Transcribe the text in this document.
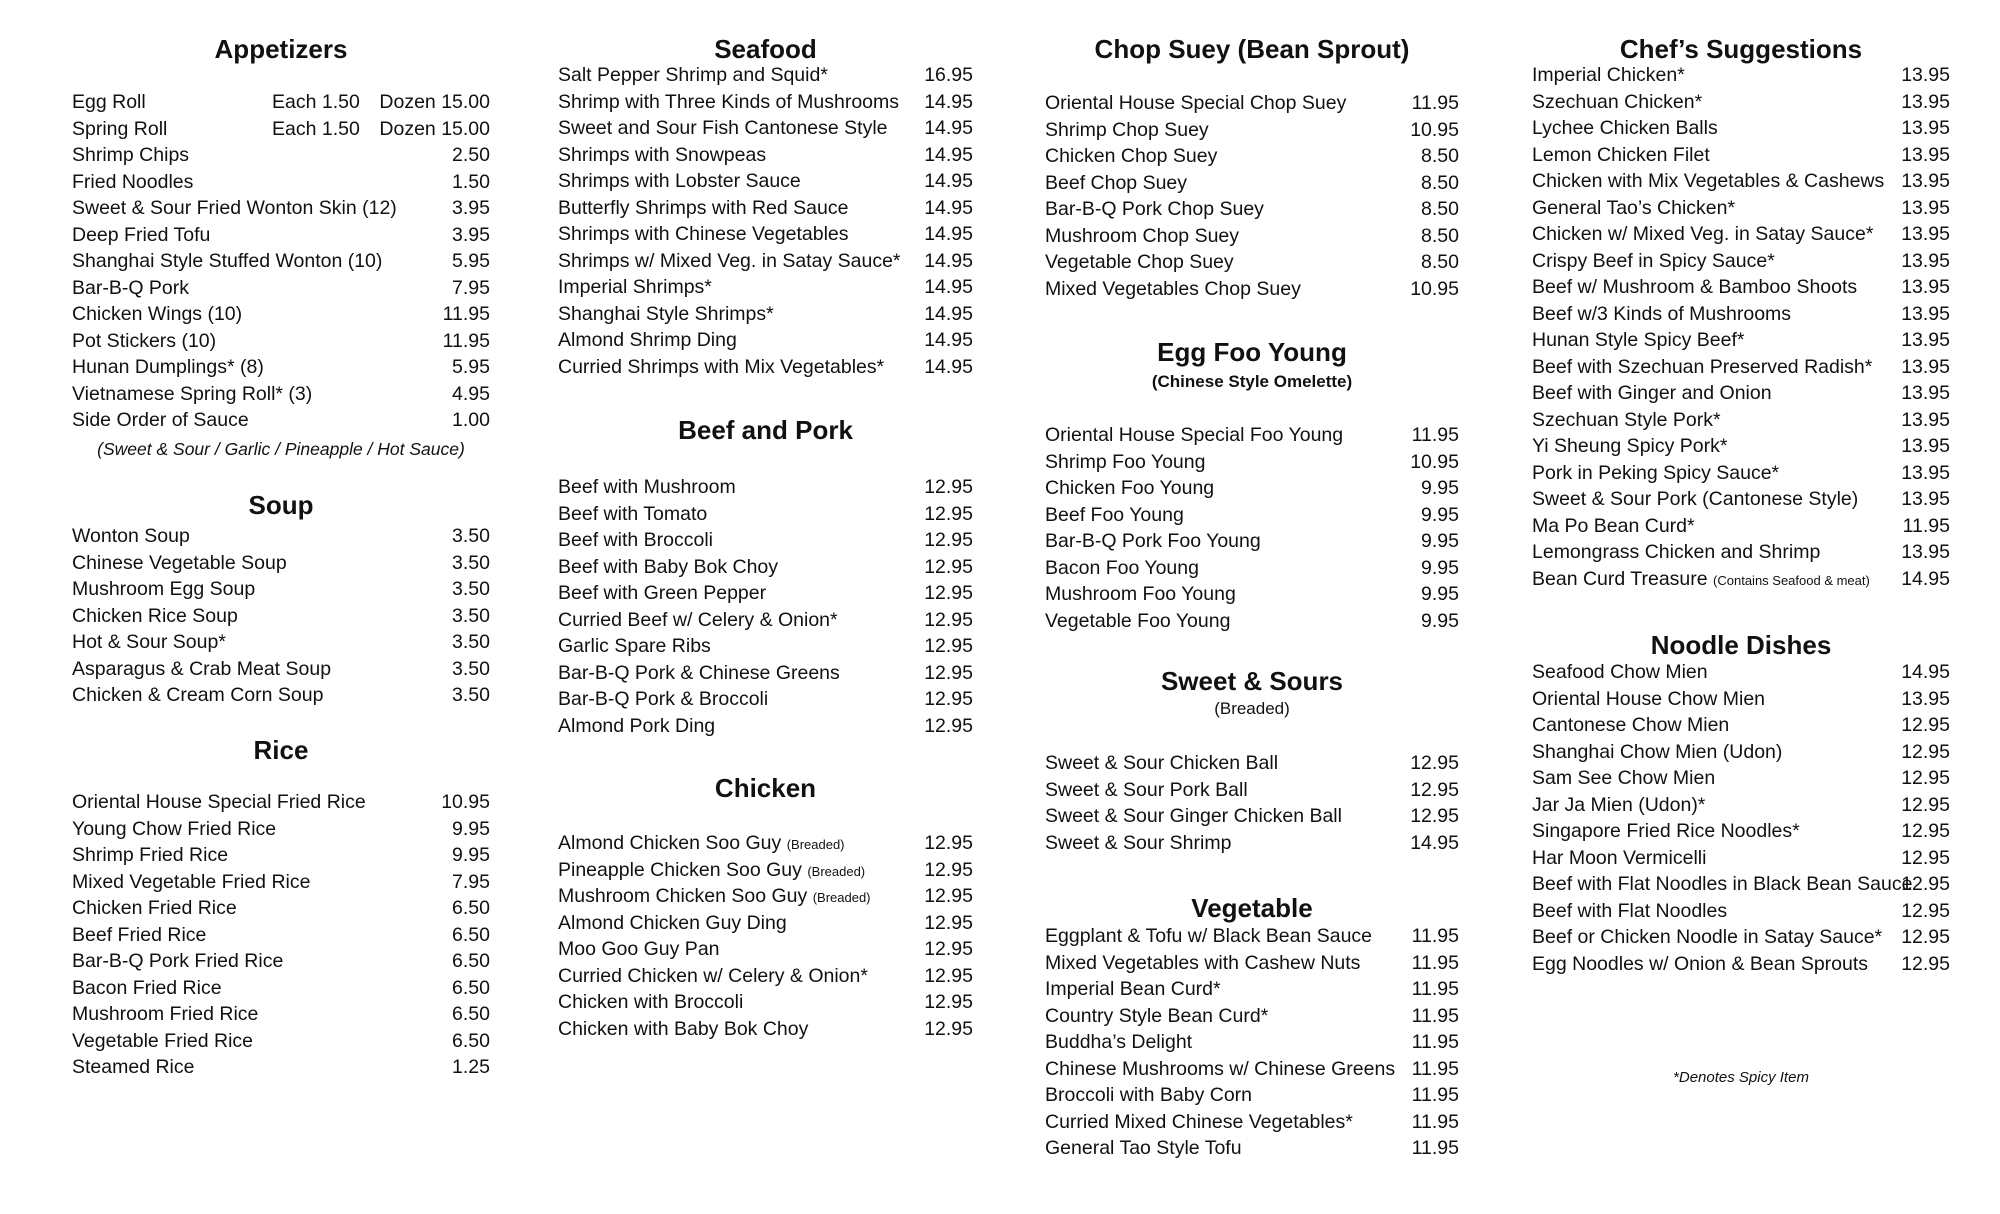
Appetizers
Egg Roll	Each 1.50 Dozen 15.00
Spring Roll	Each 1.50 Dozen 15.00
Shrimp Chips	2.50
Fried Noodles	1.50
Sweet & Sour Fried Wonton Skin (12)	3.95
Deep Fried Tofu	3.95
Shanghai Style Stuffed Wonton (10)	5.95
Bar-B-Q Pork	7.95
Chicken Wings (10)	11.95
Pot Stickers (10)	11.95
Hunan Dumplings* (8)	5.95
Vietnamese Spring Roll* (3)	4.95
Side Order of Sauce	1.00
(Sweet & Sour / Garlic / Pineapple / Hot Sauce)
Soup
Wonton Soup	3.50
Chinese Vegetable Soup	3.50
Mushroom Egg Soup	3.50
Chicken Rice Soup	3.50
Hot & Sour Soup*	3.50
Asparagus & Crab Meat Soup	3.50
Chicken & Cream Corn Soup	3.50
Rice
Oriental House Special Fried Rice	10.95
Young Chow Fried Rice	9.95
Shrimp Fried Rice	9.95
Mixed Vegetable Fried Rice	7.95
Chicken Fried Rice	6.50
Beef Fried Rice	6.50
Bar-B-Q Pork Fried Rice	6.50
Bacon Fried Rice	6.50
Mushroom Fried Rice	6.50
Vegetable Fried Rice	6.50
Steamed Rice	1.25
Seafood
Salt Pepper Shrimp and Squid*	16.95
Shrimp with Three Kinds of Mushrooms 14.95
Sweet and Sour Fish Cantonese Style 14.95
Shrimps with Snowpeas	14.95
Shrimps with Lobster Sauce	14.95
Butterfly Shrimps with Red Sauce	14.95
Shrimps with Chinese Vegetables	14.95
Shrimps w/ Mixed Veg. in Satay Sauce* 14.95
Imperial Shrimps*	14.95
Shanghai Style Shrimps*	14.95
Almond Shrimp Ding	14.95
Curried Shrimps with Mix Vegetables* 14.95
Beef and Pork
Beef with Mushroom	12.95
Beef with Tomato	12.95
Beef with Broccoli	12.95
Beef with Baby Bok Choy	12.95
Beef with Green Pepper	12.95
Curried Beef w/ Celery & Onion*	12.95
Garlic Spare Ribs	12.95
Bar-B-Q Pork & Chinese Greens	12.95
Bar-B-Q Pork & Broccoli	12.95
Almond Pork Ding	12.95
Chicken
Almond Chicken Soo Guy (Breaded)	12.95
Pineapple Chicken Soo Guy (Breaded)	12.95
Mushroom Chicken Soo Guy (Breaded)	12.95
Almond Chicken Guy Ding	12.95
Moo Goo Guy Pan	12.95
Curried Chicken w/ Celery & Onion*	12.95
Chicken with Broccoli	12.95
Chicken with Baby Bok Choy	12.95
Chop Suey (Bean Sprout)
Oriental House Special Chop Suey	11.95
Shrimp Chop Suey	10.95
Chicken Chop Suey	8.50
Beef Chop Suey	8.50
Bar-B-Q Pork Chop Suey	8.50
Mushroom Chop Suey	8.50
Vegetable Chop Suey	8.50
Mixed Vegetables Chop Suey	10.95
Egg Foo Young
(Chinese Style Omelette)
Oriental House Special Foo Young	11.95
Shrimp Foo Young	10.95
Chicken Foo Young	9.95
Beef Foo Young	9.95
Bar-B-Q Pork Foo Young	9.95
Bacon Foo Young	9.95
Mushroom Foo Young	9.95
Vegetable Foo Young	9.95
Sweet & Sours
(Breaded)
Sweet & Sour Chicken Ball	12.95
Sweet & Sour Pork Ball	12.95
Sweet & Sour Ginger Chicken Ball	12.95
Sweet & Sour Shrimp	14.95
Vegetable
Eggplant & Tofu w/ Black Bean Sauce 11.95
Mixed Vegetables with Cashew Nuts	11.95
Imperial Bean Curd*	11.95
Country Style Bean Curd*	11.95
Buddha’s Delight	11.95
Chinese Mushrooms w/ Chinese Greens 11.95
Broccoli with Baby Corn	11.95
Curried Mixed Chinese Vegetables*	11.95
General Tao Style Tofu	11.95
Chef’s Suggestions
Imperial Chicken*	13.95
Szechuan Chicken*	13.95
Lychee Chicken Balls	13.95
Lemon Chicken Filet	13.95
Chicken with Mix Vegetables & Cashews 13.95
General Tao’s Chicken*	13.95
Chicken w/ Mixed Veg. in Satay Sauce* 13.95
Crispy Beef in Spicy Sauce*	13.95
Beef w/ Mushroom & Bamboo Shoots 13.95
Beef w/3 Kinds of Mushrooms	13.95
Hunan Style Spicy Beef*	13.95
Beef with Szechuan Preserved Radish* 13.95
Beef with Ginger and Onion	13.95
Szechuan Style Pork*	13.95
Yi Sheung Spicy Pork*	13.95
Pork in Peking Spicy Sauce*	13.95
Sweet & Sour Pork (Cantonese Style) 13.95
Ma Po Bean Curd*	11.95
Lemongrass Chicken and Shrimp	13.95
Bean Curd Treasure (Contains Seafood & meat) 14.95
Noodle Dishes
Seafood Chow Mien	14.95
Oriental House Chow Mien	13.95
Cantonese Chow Mien	12.95
Shanghai Chow Mien (Udon)	12.95
Sam See Chow Mien	12.95
Jar Ja Mien (Udon)*	12.95
Singapore Fried Rice Noodles*	12.95
Har Moon Vermicelli	12.95
Beef with Flat Noodles in Black Bean Sauce
12.95
Beef with Flat Noodles	12.95
Beef or Chicken Noodle in Satay Sauce* 12.95
Egg Noodles w/ Onion & Bean Sprouts 12.95
*Denotes Spicy Item
